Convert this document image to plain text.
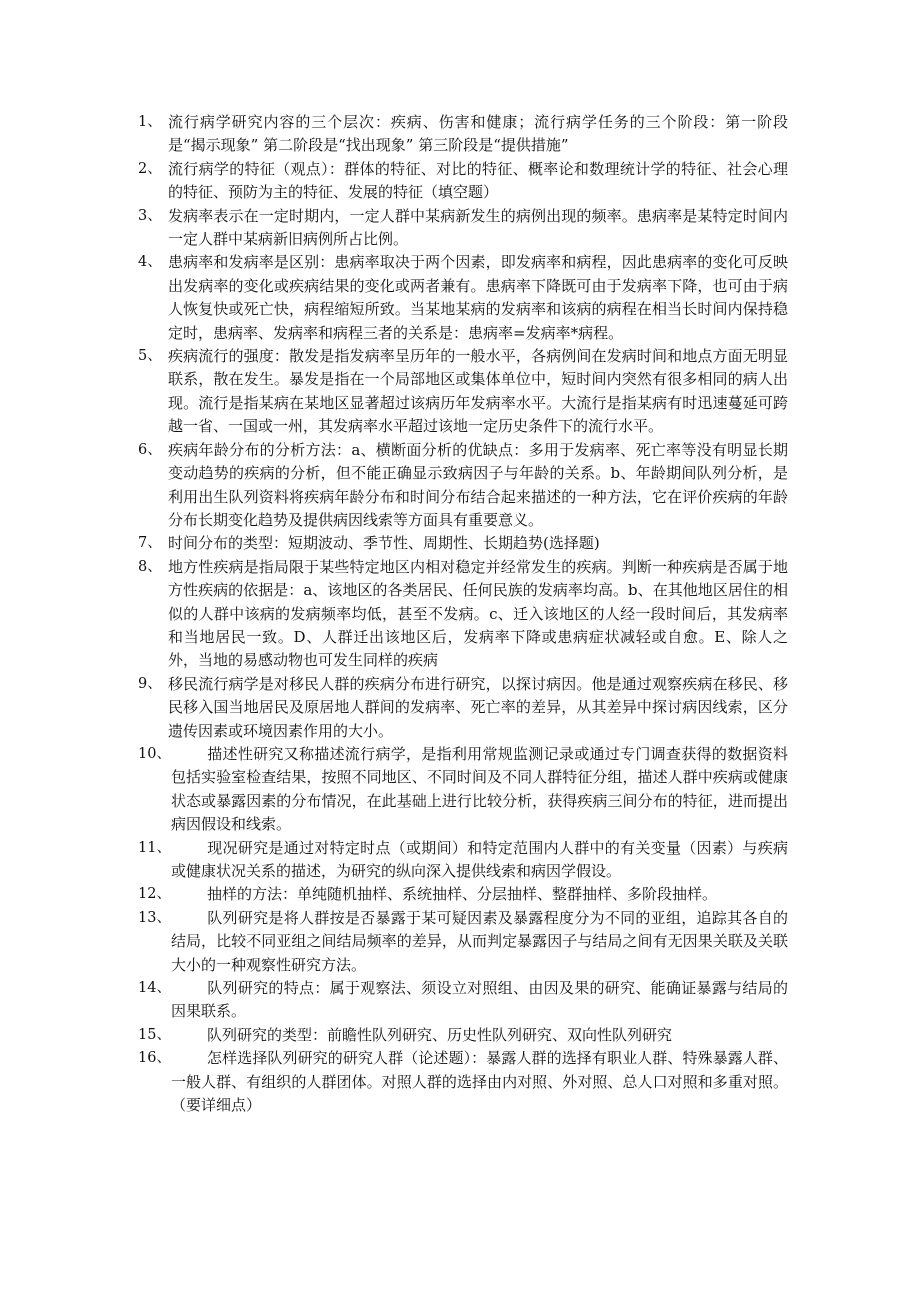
1、 流行病学研究内容的三个层次：疾病、伤害和健康；流行病学任务的三个阶段：第一阶段是“揭示现象” 第二阶段是“找出现象” 第三阶段是“提供措施”
2、 流行病学的特征（观点）：群体的特征、对比的特征、概率论和数理统计学的特征、社会心理的特征、预防为主的特征、发展的特征（填空题）
3、 发病率表示在一定时期内，一定人群中某病新发生的病例出现的频率。患病率是某特定时间内一定人群中某病新旧病例所占比例。
4、 患病率和发病率是区别：患病率取决于两个因素，即发病率和病程，因此患病率的变化可反映出发病率的变化或疾病结果的变化或两者兼有。患病率下降既可由于发病率下降，也可由于病人恢复快或死亡快，病程缩短所致。当某地某病的发病率和该病的病程在相当长时间内保持稳定时，患病率、发病率和病程三者的关系是：患病率=发病率*病程。
5、 疾病流行的强度：散发是指发病率呈历年的一般水平，各病例间在发病时间和地点方面无明显联系，散在发生。暴发是指在一个局部地区或集体单位中，短时间内突然有很多相同的病人出现。流行是指某病在某地区显著超过该病历年发病率水平。大流行是指某病有时迅速蔓延可跨越一省、一国或一州，其发病率水平超过该地一定历史条件下的流行水平。
6、 疾病年龄分布的分析方法：a、横断面分析的优缺点：多用于发病率、死亡率等没有明显长期变动趋势的疾病的分析，但不能正确显示致病因子与年龄的关系。b、年龄期间队列分析，是利用出生队列资料将疾病年龄分布和时间分布结合起来描述的一种方法，它在评价疾病的年龄分布长期变化趋势及提供病因线索等方面具有重要意义。
7、 时间分布的类型：短期波动、季节性、周期性、长期趋势(选择题)
8、 地方性疾病是指局限于某些特定地区内相对稳定并经常发生的疾病。判断一种疾病是否属于地方性疾病的依据是：a、该地区的各类居民、任何民族的发病率均高。b、在其他地区居住的相似的人群中该病的发病频率均低，甚至不发病。c、迁入该地区的人经一段时间后，其发病率和当地居民一致。D、人群迁出该地区后，发病率下降或患病症状减轻或自愈。E、除人之外，当地的易感动物也可发生同样的疾病
9、 移民流行病学是对移民人群的疾病分布进行研究，以探讨病因。他是通过观察疾病在移民、移民移入国当地居民及原居地人群间的发病率、死亡率的差异，从其差异中探讨病因线索，区分遗传因素或环境因素作用的大小。
10、	描述性研究又称描述流行病学，是指利用常规监测记录或通过专门调查获得的数据资料包括实验室检查结果，按照不同地区、不同时间及不同人群特征分组，描述人群中疾病或健康状态或暴露因素的分布情况，在此基础上进行比较分析，获得疾病三间分布的特征，进而提出病因假设和线索。
11、	现况研究是通过对特定时点（或期间）和特定范围内人群中的有关变量（因素）与疾病或健康状况关系的描述，为研究的纵向深入提供线索和病因学假设。
12、	抽样的方法：单纯随机抽样、系统抽样、分层抽样、整群抽样、多阶段抽样。
13、	队列研究是将人群按是否暴露于某可疑因素及暴露程度分为不同的亚组，追踪其各自的结局，比较不同亚组之间结局频率的差异，从而判定暴露因子与结局之间有无因果关联及关联大小的一种观察性研究方法。
14、	队列研究的特点：属于观察法、须设立对照组、由因及果的研究、能确证暴露与结局的因果联系。
15、	队列研究的类型：前瞻性队列研究、历史性队列研究、双向性队列研究
16、	怎样选择队列研究的研究人群（论述题）：暴露人群的选择有职业人群、特殊暴露人群、一般人群、有组织的人群团体。对照人群的选择由内对照、外对照、总人口对照和多重对照。（要详细点）
